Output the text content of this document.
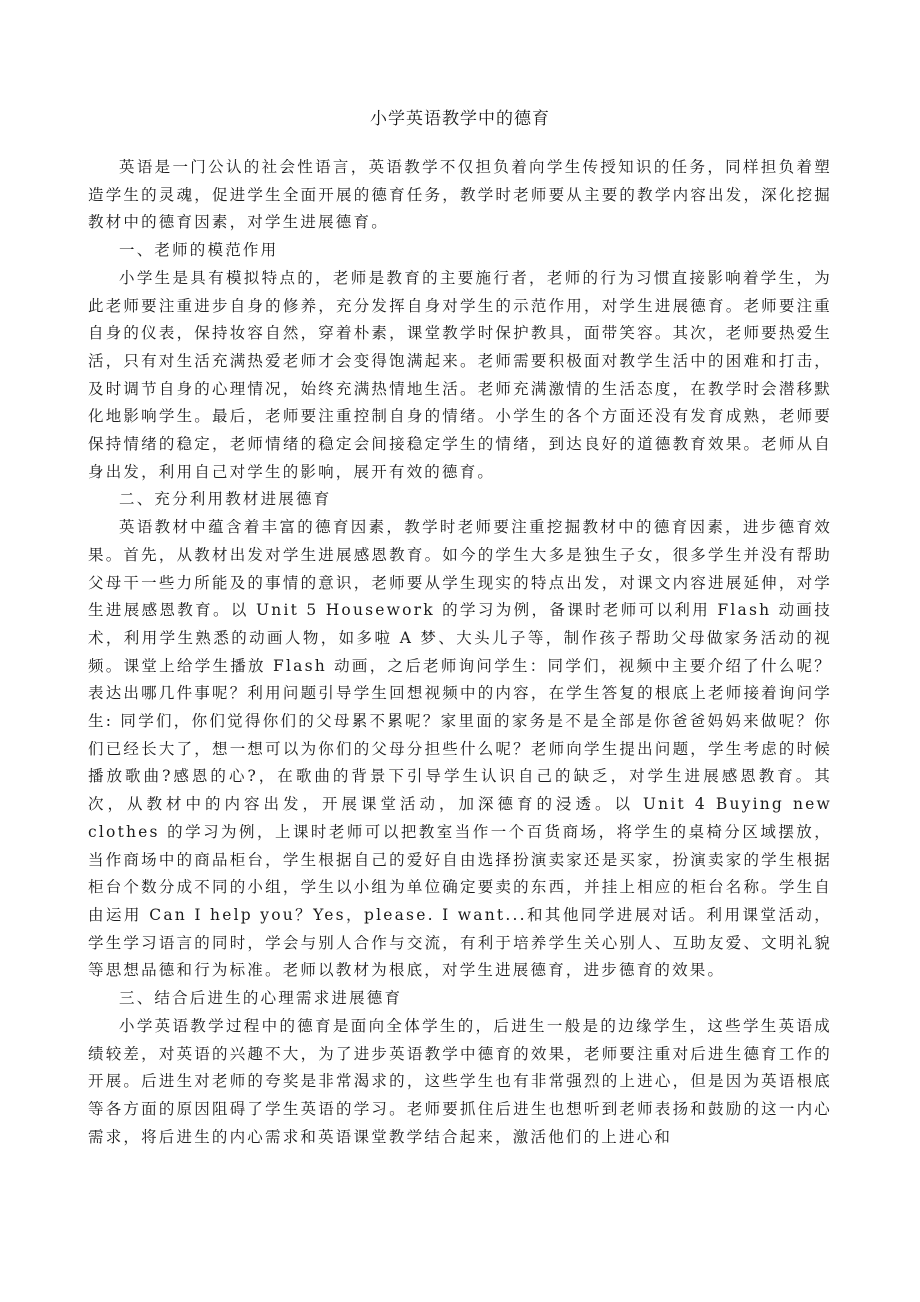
小学英语教学中的德育

英语是一门公认的社会性语言，英语教学不仅担负着向学生传授知识的任务，同样担负着塑造学生的灵魂，促进学生全面开展的德育任务，教学时老师要从主要的教学内容出发，深化挖掘教材中的德育因素，对学生进展德育。

一、老师的模范作用

小学生是具有模拟特点的，老师是教育的主要施行者，老师的行为习惯直接影响着学生，为此老师要注重进步自身的修养，充分发挥自身对学生的示范作用，对学生进展德育。老师要注重自身的仪表，保持妆容自然，穿着朴素，课堂教学时保护教具，面带笑容。其次，老师要热爱生活，只有对生活充满热爱老师才会变得饱满起来。老师需要积极面对教学生活中的困难和打击，及时调节自身的心理情况，始终充满热情地生活。老师充满激情的生活态度，在教学时会潜移默化地影响学生。最后，老师要注重控制自身的情绪。小学生的各个方面还没有发育成熟，老师要保持情绪的稳定，老师情绪的稳定会间接稳定学生的情绪，到达良好的道德教育效果。老师从自身出发，利用自己对学生的影响，展开有效的德育。

二、充分利用教材进展德育

英语教材中蕴含着丰富的德育因素，教学时老师要注重挖掘教材中的德育因素，进步德育效果。首先，从教材出发对学生进展感恩教育。如今的学生大多是独生子女，很多学生并没有帮助父母干一些力所能及的事情的意识，老师要从学生现实的特点出发，对课文内容进展延伸，对学生进展感恩教育。以 Unit 5 Housework 的学习为例，备课时老师可以利用 Flash 动画技术，利用学生熟悉的动画人物，如多啦 A 梦、大头儿子等，制作孩子帮助父母做家务活动的视频。课堂上给学生播放 Flash 动画，之后老师询问学生：同学们，视频中主要介绍了什么呢？表达出哪几件事呢？利用问题引导学生回想视频中的内容，在学生答复的根底上老师接着询问学生: 同学们，你们觉得你们的父母累不累呢？家里面的家务是不是全部是你爸爸妈妈来做呢？你们已经长大了，想一想可以为你们的父母分担些什么呢？老师向学生提出问题，学生考虑的时候播放歌曲?感恩的心?，在歌曲的背景下引导学生认识自己的缺乏，对学生进展感恩教育。其次，从教材中的内容出发，开展课堂活动，加深德育的浸透。以 Unit 4 Buying new clothes 的学习为例，上课时老师可以把教室当作一个百货商场，将学生的桌椅分区域摆放，当作商场中的商品柜台，学生根据自己的爱好自由选择扮演卖家还是买家，扮演卖家的学生根据柜台个数分成不同的小组，学生以小组为单位确定要卖的东西，并挂上相应的柜台名称。学生自由运用 Can I help you？Yes，please. I want...和其他同学进展对话。利用课堂活动，学生学习语言的同时，学会与别人合作与交流，有利于培养学生关心别人、互助友爱、文明礼貌等思想品德和行为标准。老师以教材为根底，对学生进展德育，进步德育的效果。

三、结合后进生的心理需求进展德育

小学英语教学过程中的德育是面向全体学生的，后进生一般是的边缘学生，这些学生英语成绩较差，对英语的兴趣不大，为了进步英语教学中德育的效果，老师要注重对后进生德育工作的开展。后进生对老师的夸奖是非常渴求的，这些学生也有非常强烈的上进心，但是因为英语根底等各方面的原因阻碍了学生英语的学习。老师要抓住后进生也想听到老师表扬和鼓励的这一内心需求，将后进生的内心需求和英语课堂教学结合起来，激活他们的上进心和
